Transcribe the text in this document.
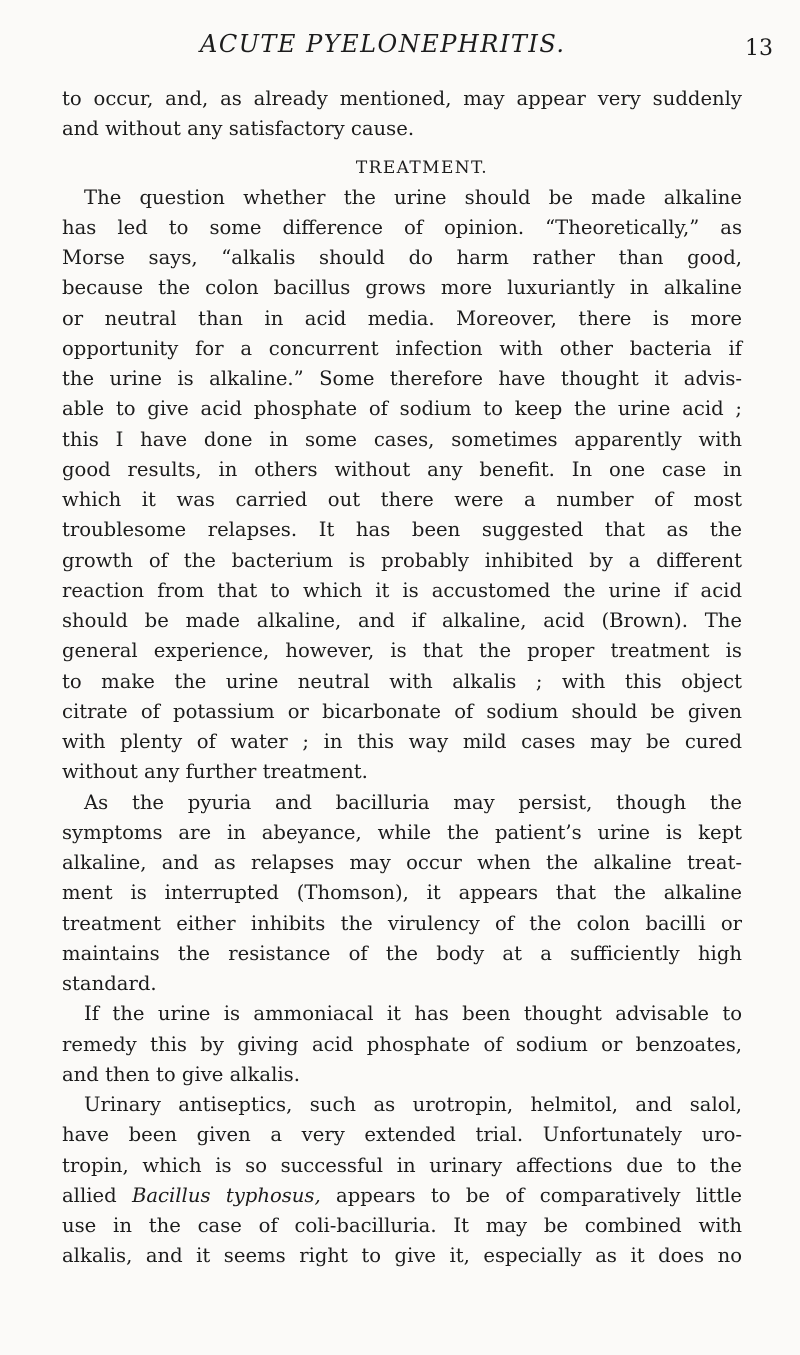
ACUTE PYELONEPHRITIS.	13
to occur, and, as already mentioned, may appear very suddenly
and without any satisfactory cause.
TREATMENT.
The question whether the urine should be made alkaline
has led to some difference of opinion. “Theoretically,” as
Morse says, “alkalis should do harm rather than good,
because the colon bacillus grows more luxuriantly in alkaline
or neutral than in acid media. Moreover, there is more
opportunity for a concurrent infection with other bacteria if
the urine is alkaline.” Some therefore have thought it advis-
able to give acid phosphate of sodium to keep the urine acid ;
this I have done in some cases, sometimes apparently with
good results, in others without any benefit. In one case in
which it was carried out there were a number of most
troublesome relapses. It has been suggested that as the
growth of the bacterium is probably inhibited by a different
reaction from that to which it is accustomed the urine if acid
should be made alkaline, and if alkaline, acid (Brown). The
general experience, however, is that the proper treatment is
to make the urine neutral with alkalis ; with this object
citrate of potassium or bicarbonate of sodium should be given
with plenty of water ; in this way mild cases may be cured
without any further treatment.
As the pyuria and bacilluria may persist, though the
symptoms are in abeyance, while the patient’s urine is kept
alkaline, and as relapses may occur when the alkaline treat-
ment is interrupted (Thomson), it appears that the alkaline
treatment either inhibits the virulency of the colon bacilli or
maintains the resistance of the body at a sufficiently high
standard.
If the urine is ammoniacal it has been thought advisable to
remedy this by giving acid phosphate of sodium or benzoates,
and then to give alkalis.
Urinary antiseptics, such as urotropin, helmitol, and salol,
have been given a very extended trial. Unfortunately uro-
tropin, which is so successful in urinary affections due to the
allied Bacillus typhosus, appears to be of comparatively little
use in the case of coli-bacilluria. It may be combined with
alkalis, and it seems right to give it, especially as it does no
